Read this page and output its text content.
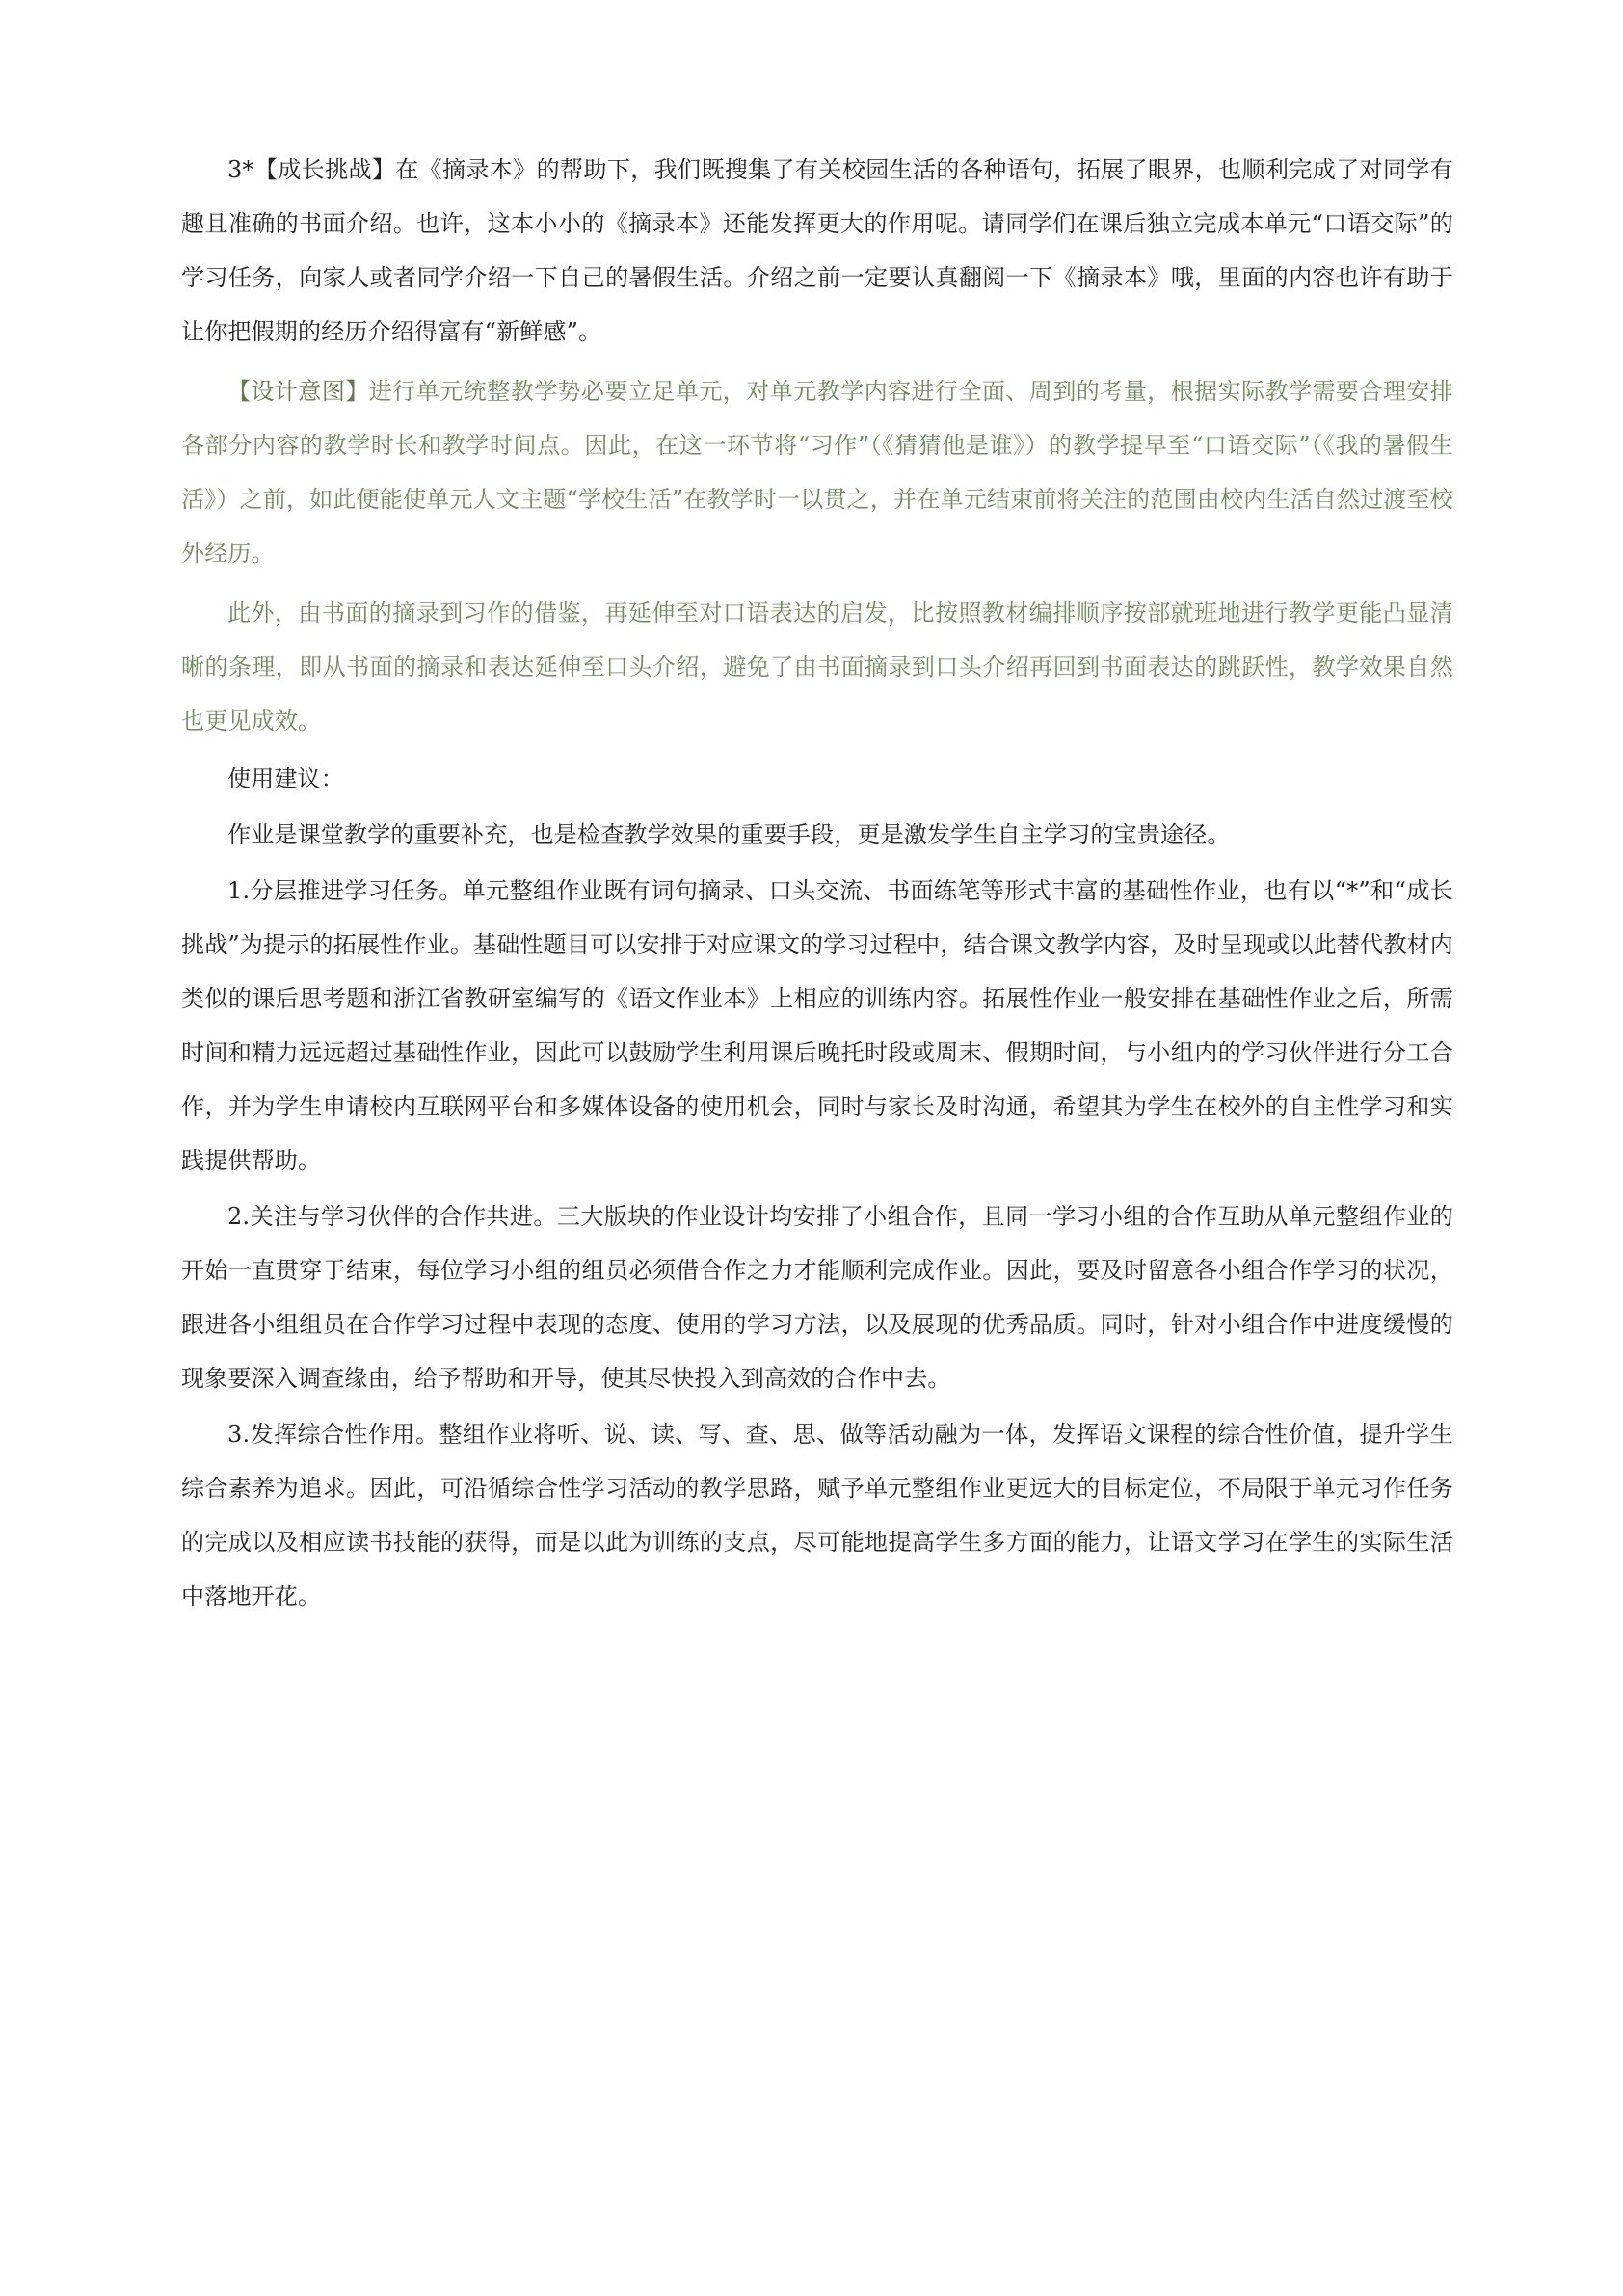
3*【成长挑战】在《摘录本》的帮助下，我们既搜集了有关校园生活的各种语句，拓展了眼界，也顺利完成了对同学有趣且准确的书面介绍。也许，这本小小的《摘录本》还能发挥更大的作用呢。请同学们在课后独立完成本单元“口语交际”的学习任务，向家人或者同学介绍一下自己的暑假生活。介绍之前一定要认真翻阅一下《摘录本》哦，里面的内容也许有助于让你把假期的经历介绍得富有“新鲜感”。

【设计意图】进行单元统整教学势必要立足单元，对单元教学内容进行全面、周到的考量，根据实际教学需要合理安排各部分内容的教学时长和教学时间点。因此，在这一环节将“习作”（《猜猜他是谁》）的教学提早至“口语交际”（《我的暑假生活》）之前，如此便能使单元人文主题“学校生活”在教学时一以贯之，并在单元结束前将关注的范围由校内生活自然过渡至校外经历。

此外，由书面的摘录到习作的借鉴，再延伸至对口语表达的启发，比按照教材编排顺序按部就班地进行教学更能凸显清晰的条理，即从书面的摘录和表达延伸至口头介绍，避免了由书面摘录到口头介绍再回到书面表达的跳跃性，教学效果自然也更见成效。

使用建议：

作业是课堂教学的重要补充，也是检查教学效果的重要手段，更是激发学生自主学习的宝贵途径。

1.分层推进学习任务。单元整组作业既有词句摘录、口头交流、书面练笔等形式丰富的基础性作业，也有以“*”和“成长挑战”为提示的拓展性作业。基础性题目可以安排于对应课文的学习过程中，结合课文教学内容，及时呈现或以此替代教材内类似的课后思考题和浙江省教研室编写的《语文作业本》上相应的训练内容。拓展性作业一般安排在基础性作业之后，所需时间和精力远远超过基础性作业，因此可以鼓励学生利用课后晚托时段或周末、假期时间，与小组内的学习伙伴进行分工合作，并为学生申请校内互联网平台和多媒体设备的使用机会，同时与家长及时沟通，希望其为学生在校外的自主性学习和实践提供帮助。

2.关注与学习伙伴的合作共进。三大版块的作业设计均安排了小组合作，且同一学习小组的合作互助从单元整组作业的开始一直贯穿于结束，每位学习小组的组员必须借合作之力才能顺利完成作业。因此，要及时留意各小组合作学习的状况，跟进各小组组员在合作学习过程中表现的态度、使用的学习方法，以及展现的优秀品质。同时，针对小组合作中进度缓慢的现象要深入调查缘由，给予帮助和开导，使其尽快投入到高效的合作中去。

3.发挥综合性作用。整组作业将听、说、读、写、查、思、做等活动融为一体，发挥语文课程的综合性价值，提升学生综合素养为追求。因此，可沿循综合性学习活动的教学思路，赋予单元整组作业更远大的目标定位，不局限于单元习作任务的完成以及相应读书技能的获得，而是以此为训练的支点，尽可能地提高学生多方面的能力，让语文学习在学生的实际生活中落地开花。
